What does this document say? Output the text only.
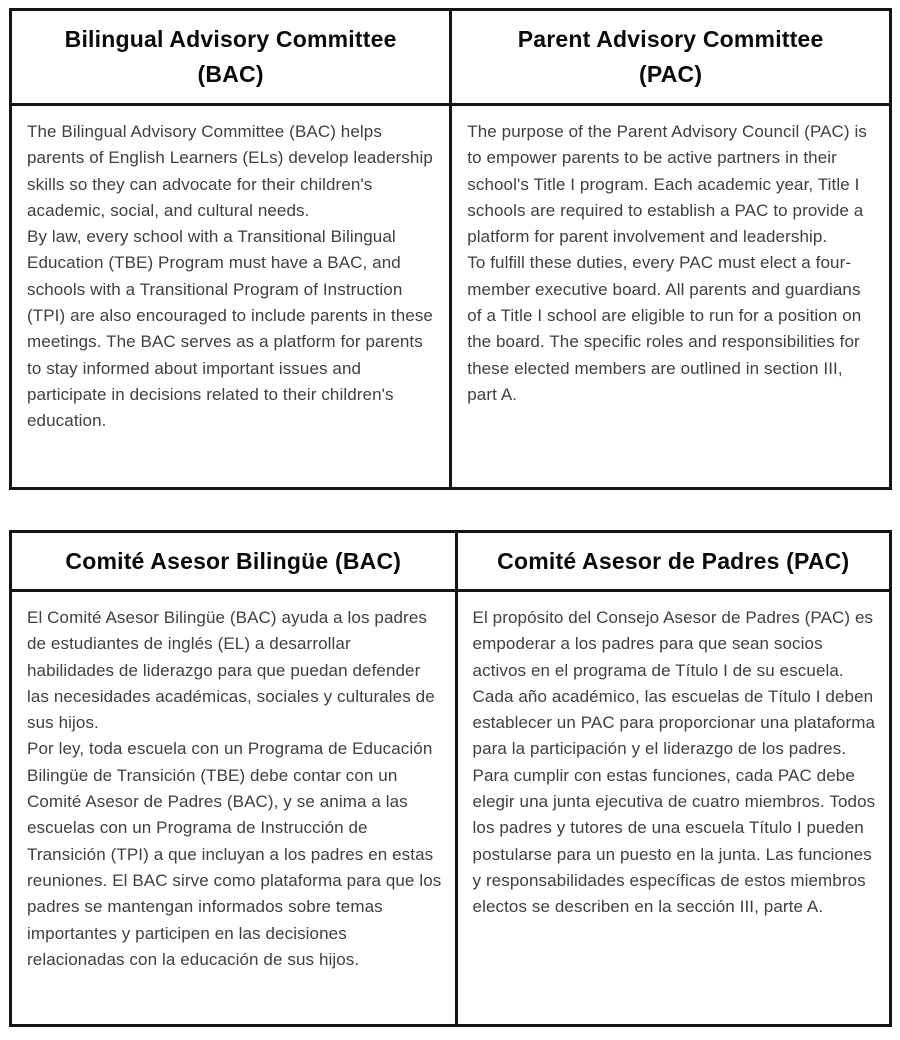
Bilingual Advisory Committee
(BAC)
Parent Advisory Committee
(PAC)

The Bilingual Advisory Committee (BAC) helps parents of English Learners (ELs) develop leadership skills so they can advocate for their children's academic, social, and cultural needs.

By law, every school with a Transitional Bilingual Education (TBE) Program must have a BAC, and schools with a Transitional Program of Instruction (TPI) are also encouraged to include parents in these meetings. The BAC serves as a platform for parents to stay informed about important issues and participate in decisions related to their children's education.

The purpose of the Parent Advisory Council (PAC) is to empower parents to be active partners in their school's Title I program. Each academic year, Title I schools are required to establish a PAC to provide a platform for parent involvement and leadership.

To fulfill these duties, every PAC must elect a four-member executive board. All parents and guardians of a Title I school are eligible to run for a position on the board. The specific roles and responsibilities for these elected members are outlined in section III, part A.

Comité Asesor Bilingüe (BAC)	Comité Asesor de Padres (PAC)

El Comité Asesor Bilingüe (BAC) ayuda a los padres de estudiantes de inglés (EL) a desarrollar habilidades de liderazgo para que puedan defender las necesidades académicas, sociales y culturales de sus hijos.

Por ley, toda escuela con un Programa de Educación Bilingüe de Transición (TBE) debe contar con un Comité Asesor de Padres (BAC), y se anima a las escuelas con un Programa de Instrucción de Transición (TPI) a que incluyan a los padres en estas reuniones. El BAC sirve como plataforma para que los padres se mantengan informados sobre temas importantes y participen en las decisiones relacionadas con la educación de sus hijos.

El propósito del Consejo Asesor de Padres (PAC) es empoderar a los padres para que sean socios activos en el programa de Título I de su escuela. Cada año académico, las escuelas de Título I deben establecer un PAC para proporcionar una plataforma para la participación y el liderazgo de los padres.

Para cumplir con estas funciones, cada PAC debe elegir una junta ejecutiva de cuatro miembros. Todos los padres y tutores de una escuela Título I pueden postularse para un puesto en la junta. Las funciones y responsabilidades específicas de estos miembros electos se describen en la sección III, parte A.
